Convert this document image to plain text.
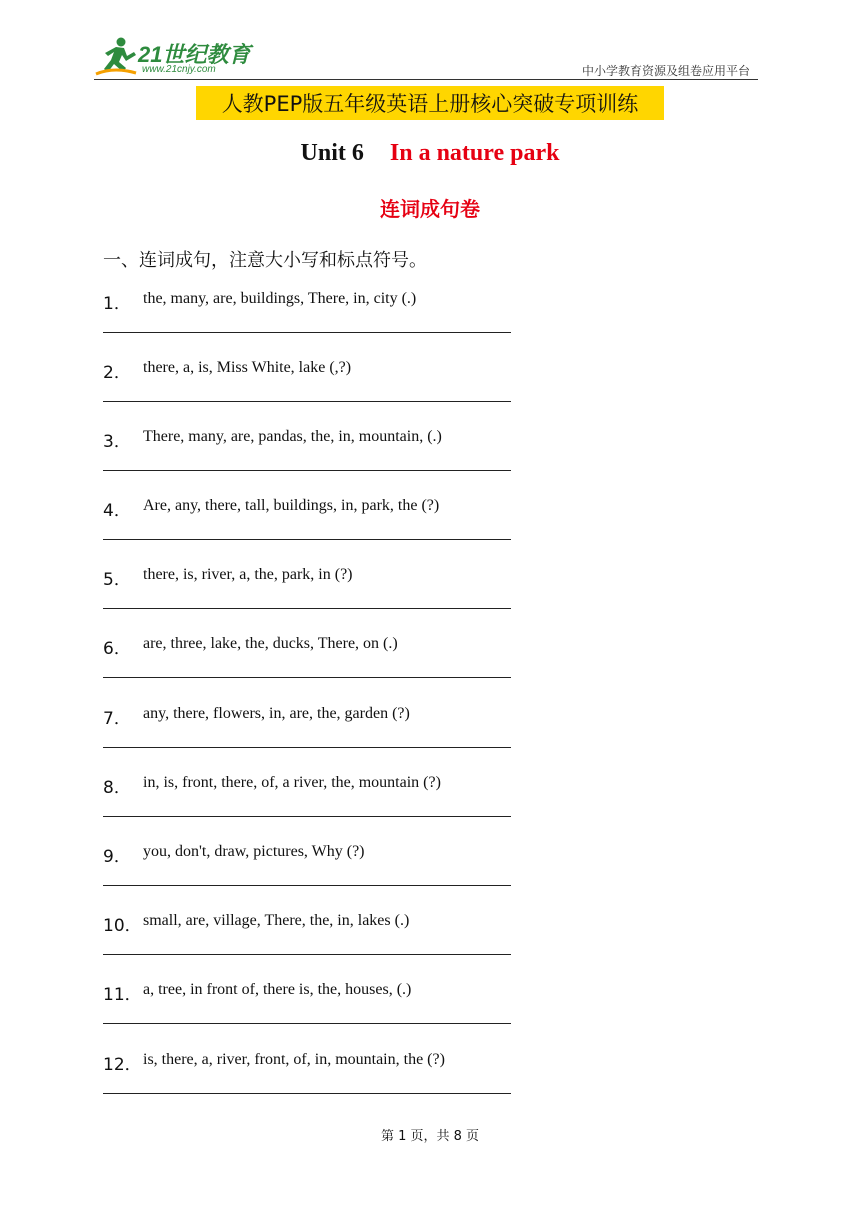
21世纪教育
www.21cnjy.com	中小学教育资源及组卷应用平台
人教PEP版五年级英语上册核心突破专项训练
Unit 6 In a nature park
连词成句卷
一、连词成句，注意大小写和标点符号。
1． the, many, are, buildings, There, in, city (.)
2． there, a, is, Miss White, lake (,?)
3． There, many, are, pandas, the, in, mountain, (.)
4． Are, any, there, tall, buildings, in, park, the (?)
5． there, is, river, a, the, park, in (?)
6． are, three, lake, the, ducks, There, on (.)
7． any, there, flowers, in, are, the, garden (?)
8． in, is, front, there, of, a river, the, mountain (?)
9． you, don't, draw, pictures, Why (?)
10． small, are, village, There, the, in, lakes (.)
11． a, tree, in front of, there is, the, houses, (.)
12． is, there, a, river, front, of, in, mountain, the (?)
第 1 页，共 8 页
